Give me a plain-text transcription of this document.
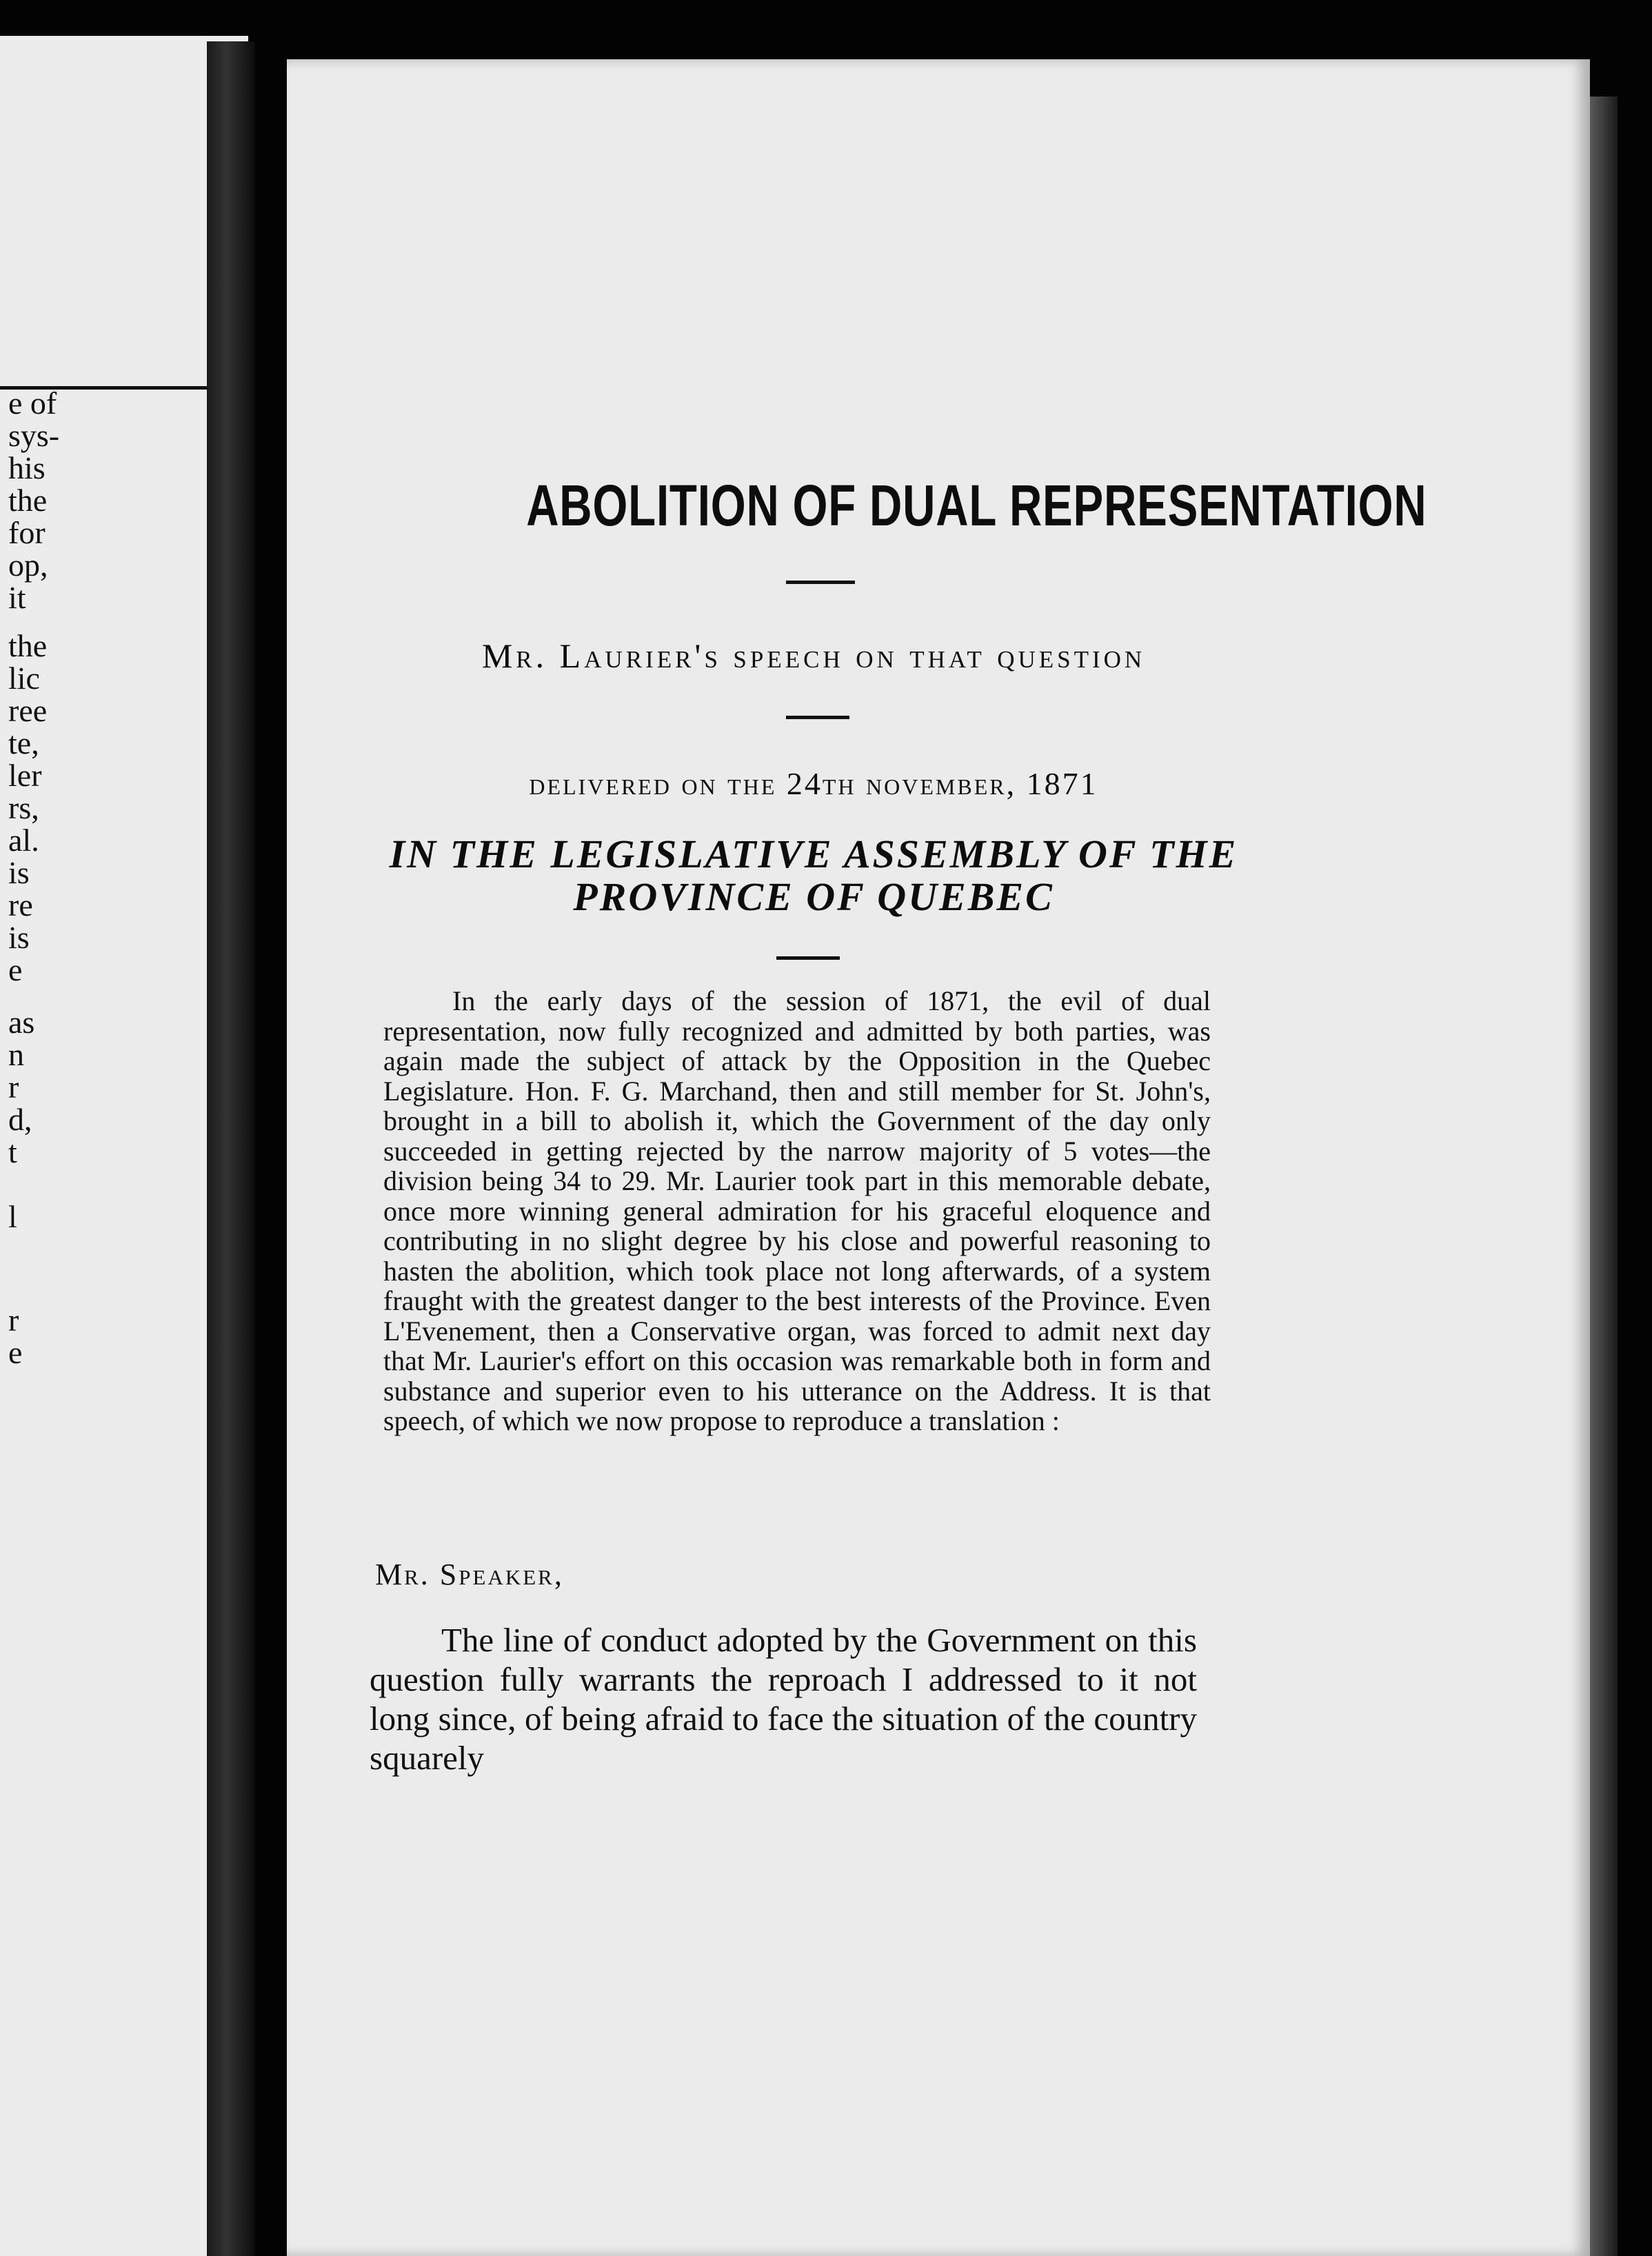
e of
sys-
his
the
for
op,
it
the
lic
ree
te,
ler
rs,
al.
is
re
is
e
as
n
r
d,
t
l
r
e
ABOLITION OF DUAL REPRESENTATION
Mr. Laurier's speech on that question
delivered on the 24th november, 1871
IN THE LEGISLATIVE ASSEMBLY OF THE
PROVINCE OF QUEBEC

In the early days of the session of 1871, the evil of dual representation, now fully recognized and admitted by both parties, was again made the subject of attack by the Opposition in the Quebec Legislature. Hon. F. G. Marchand, then and still member for St. John's, brought in a bill to abolish it, which the Government of the day only succeeded in getting rejected by the narrow majority of 5 votes—the division being 34 to 29. Mr. Laurier took part in this memorable debate, once more winning general admiration for his graceful eloquence and contributing in no slight degree by his close and powerful reasoning to hasten the abolition, which took place not long afterwards, of a system fraught with the greatest danger to the best interests of the Province. Even L'Evenement, then a Conservative organ, was forced to admit next day that Mr. Laurier's effort on this occasion was remarkable both in form and substance and superior even to his utterance on the Address. It is that speech, of which we now propose to reproduce a translation :

Mr. Speaker,

The line of conduct adopted by the Government on this question fully warrants the reproach I addressed to it not long since, of being afraid to face the situation of the country squarely
